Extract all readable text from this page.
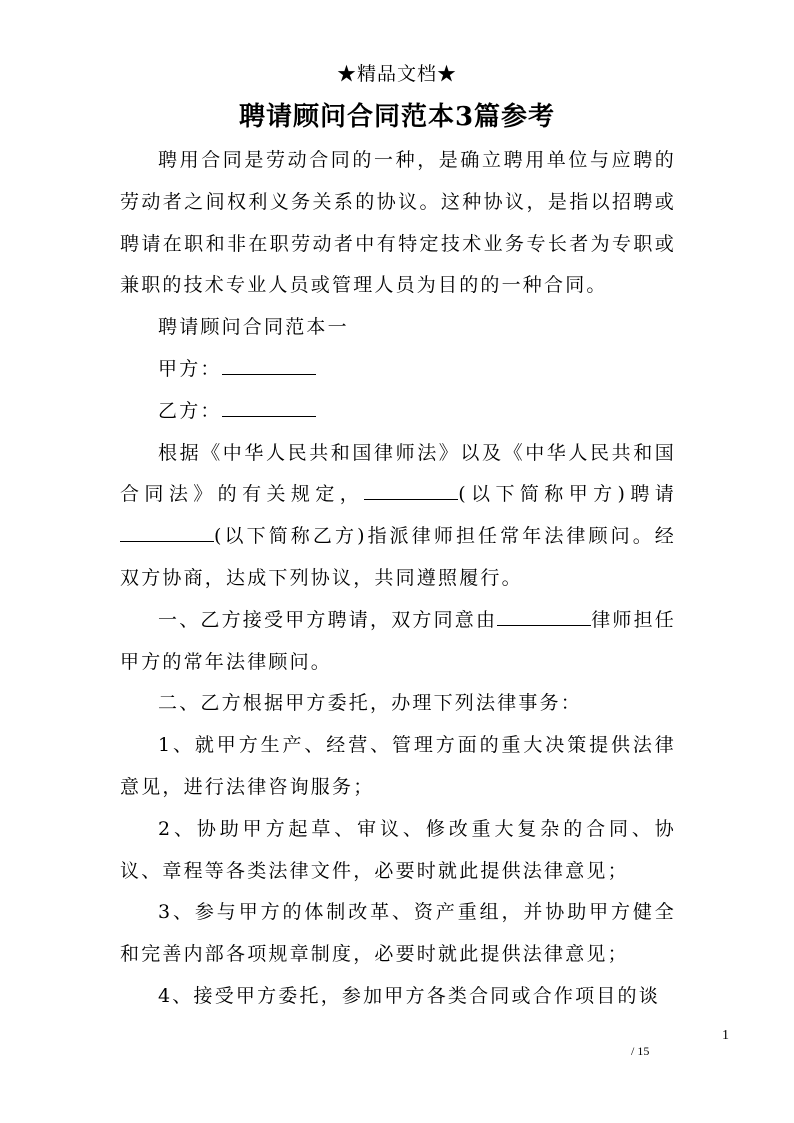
★精品文档★
聘请顾问合同范本3篇参考

聘用合同是劳动合同的一种，是确立聘用单位与应聘的劳动者之间权利义务关系的协议。这种协议，是指以招聘或聘请在职和非在职劳动者中有特定技术业务专长者为专职或兼职的技术专业人员或管理人员为目的的一种合同。

聘请顾问合同范本一

甲方：

乙方：

根据《中华人民共和国律师法》以及《中华人民共和国合同法》的有关规定，	(以下简称甲方)聘请(以下简称乙方)指派律师担任常年法律顾问。经双方协商，达成下列协议，共同遵照履行。

一、乙方接受甲方聘请，双方同意由	律师担任甲方的常年法律顾问。

二、乙方根据甲方委托，办理下列法律事务：

1、就甲方生产、经营、管理方面的重大决策提供法律意见，进行法律咨询服务；

2、协助甲方起草、审议、修改重大复杂的合同、协议、章程等各类法律文件，必要时就此提供法律意见；

3、参与甲方的体制改革、资产重组，并协助甲方健全和完善内部各项规章制度，必要时就此提供法律意见；

4、接受甲方委托，参加甲方各类合同或合作项目的谈

1
/ 15
